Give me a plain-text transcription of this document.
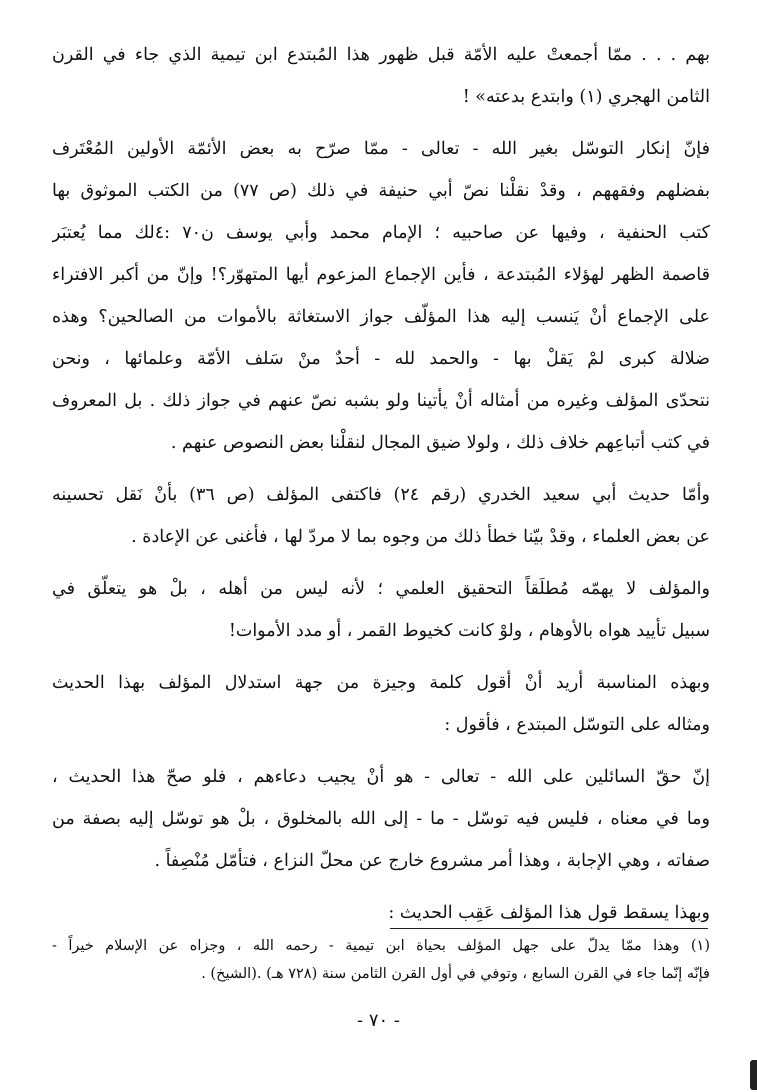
بهم . . . ممّا أجمعتْ عليه الأمّة قبل ظهور هذا المُبتدع ابن تيمية الذي جاء في القرن
الثامن الهجري (١) وابتدع بدعته» !
فإنّ إنكار التوسّل بغير الله - تعالى - ممّا صرّح به بعض الأئمّة الأولين المُعْتَرف
بفضلهم وفقههم ، وقدْ نقلْنا نصّ أبي حنيفة في ذلك (ص ٧٧) من الكتب الموثوق بها
كتب الحنفية ، وفيها عن صاحبيه ؛ الإمام محمد وأبي يوسف ن٧٠ :٤لك مما يُعتبَر
قاصمة الظهر لهؤلاء المُبتدعة ، فأين الإجماع المزعوم أيها المتهوّر؟! وإنّ من أكبر الافتراء
على الإجماع أنْ يَنسب إليه هذا المؤلّف جواز الاستغاثة بالأموات من الصالحين؟ وهذه
ضلالة كبرى لمْ يَقلْ بها - والحمد لله - أحدٌ منْ سَلف الأمّة وعلمائها ، ونحن
نتحدّى المؤلف وغيره من أمثاله أنْ يأتينا ولو بشبه نصّ عنهم في جواز ذلك . بل المعروف
في كتب أتباعِهم خلاف ذلك ، ولولا ضيق المجال لنقلْنا بعض النصوص عنهم .
وأمّا حديث أبي سعيد الخدري (رقم ٢٤) فاكتفى المؤلف (ص ٣٦) بأنْ نَقل تحسينه
عن بعض العلماء ، وقدْ بيّنا خطأ ذلك من وجوه بما لا مردّ لها ، فأغنى عن الإعادة .
والمؤلف لا يهمّه مُطلَقاً التحقيق العلمي ؛ لأنه ليس من أهله ، بلْ هو يتعلّق في
سبيل تأييد هواه بالأوهام ، ولوْ كانت كخيوط القمر ، أو مدد الأموات!
وبهذه المناسبة أريد أنْ أقول كلمة وجيزة من جهة استدلال المؤلف بهذا الحديث
ومثاله على التوسّل المبتدع ، فأقول :
إنّ حقّ السائلين على الله - تعالى - هو أنْ يجيب دعاءهم ، فلو صحّ هذا الحديث ،
وما في معناه ، فليس فيه توسّل - ما - إلى الله بالمخلوق ، بلْ هو توسّل إليه بصفة من
صفاته ، وهي الإجابة ، وهذا أمر مشروع خارج عن محلّ النزاع ، فتأمّل مُنْصِفاً .
وبهذا يسقط قول هذا المؤلف عَقِب الحديث :
(١) وهذا ممّا يدلّ على جهل المؤلف بحياة ابن تيمية - رحمه الله ، وجزاه عن الإسلام خيراً -
فإنّه إنّما جاء في القرن السابع ، وتوفي في أول القرن الثامن سنة (٧٢٨ هـ) .(الشيخ) .
- ٧٠ -
